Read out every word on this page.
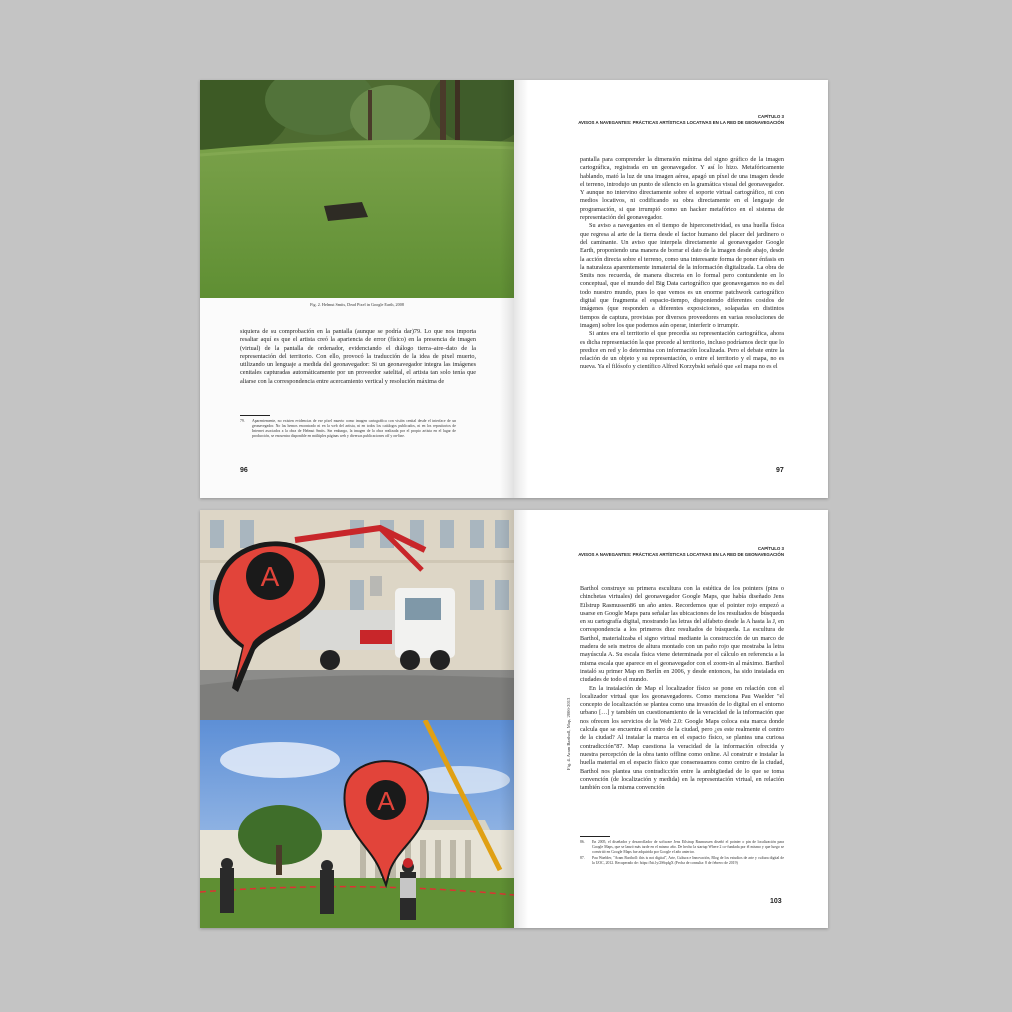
Fig. 2. Helmut Smits, Dead Pixel in Google Earth, 2008

siquiera de su comprobación en la pantalla (aunque se podría dar)79. Lo que nos importa resaltar aquí es que el artista creó la apariencia de error (físico) en la presencia de imagen (virtual) de la pantalla de ordenador, evidenciando el diálogo tierra–aire–dato de la representación del territorio. Con ello, provocó la traducción de la idea de pixel muerto, utilizando un lenguaje a medida del geonavegador: Si un geonavegador integra las imágenes cenitales capturadas automáticamente por un proveedor satelital, el artista tan solo tenía que aliarse con la correspondencia entre acercamiento vertical y resolución máxima de

79.	Aparentemente, no existen evidencias de ese píxel muerto como imagen cartográfica con visión cenital desde el interface de un geonavegador. No las hemos encontrado ni en la web del artista, ni en todos los catálogos publicados, ni en los repositorios de Internet asociados a la obra de Helmut Smits. Sin embargo, la imagen de la obra realizada por el propio artista en el lugar de producción, se encuentra disponible en múltiples páginas web y diversas publicaciones off y on-line.
96
CAPÍTULO 3
AVISOS A NAVEGANTES: PRÁCTICAS ARTÍSTICAS LOCATIVAS EN LA RED DE GEONAVEGACIÓN

pantalla para comprender la dimensión mínima del signo gráfico de la imagen cartográfica, registrada en un geonavegador. Y así lo hizo. Metafóricamente hablando, mató la luz de una imagen aérea, apagó un píxel de una imagen desde el terreno, introdujo un punto de silencio en la gramática visual del geonavegador. Y aunque no intervino directamente sobre el soporte virtual cartográfico, ni con medios locativos, ni codificando su obra directamente en el lenguaje de programación, si que irrumpió como un hacker metafórico en el sistema de representación del geonavegador.

Su aviso a navegantes en el tiempo de hiperconetividad, es una huella física que regresa al arte de la tierra desde el factor humano del placer del jardinero o del caminante. Un aviso que interpela directamente al geonavegador Google Earth, proponiendo una manera de borrar el dato de la imagen desde abajo, desde la acción directa sobre el terreno, como una interesante forma de poner énfasis en la naturaleza aparentemente inmaterial de la información digitalizada. La obra de Smits nos recuerda, de manera discreta en lo formal pero contundente en lo conceptual, que el mundo del Big Data cartográfico que geonavegamos no es del todo nuestro mundo, pues lo que vemos es un enorme patchwork cartográfico digital que fragmenta el espacio-tiempo, disponiendo diferentes cosidos de imágenes (que responden a diferentes exposiciones, solapadas en distintos tiempos de captura, provistas por diversos proveedores en varias resoluciones de imagen) sobre los que podemos aún operar, interferir o irrumpir.

Si antes era el territorio el que precedía su representación cartográfica, ahora es dicha representación la que precede al territorio, incluso podríamos decir que lo predice en red y lo determina con información localizada. Pero el debate entre la relación de un objeto y su representación, o entre el territorio y el mapa, no es nueva. Ya el filósofo y científico Alfred Korzybski señaló que «el mapa no es el

97
A
A
Fig. 4. Aram Bartholl, Map, 2006-2013
CAPÍTULO 3
AVISOS A NAVEGANTES: PRÁCTICAS ARTÍSTICAS LOCATIVAS EN LA RED DE GEONAVEGACIÓN

Barthol construye su primera escultura con la estética de los pointers (pins o chinchetas virtuales) del geonavegador Google Maps, que había diseñado Jens Eilstrup Rasmussen86 un año antes. Recordemos que el pointer rojo empezó a usarse en Google Maps para señalar las ubicaciones de los resultados de búsqueda en su cartografía digital, mostrando las letras del alfabeto desde la A hasta la J, en correspondencia a los primeros diez resultados de búsqueda. La escultura de Barthol, materializaba el signo virtual mediante la construcción de un marco de madera de seis metros de altura montado con un paño rojo que mostraba la letra mayúscula A. Su escala física viene determinada por el cálculo en referencia a la misma escala que aparece en el geonavegador con el zoom-in al máximo. Barthol instaló su primer Map en Berlín en 2006, y desde entonces, ha sido instalada en ciudades de todo el mundo.

En la instalación de Map el localizador físico se pone en relación con el localizador virtual que los geonavegadores. Como menciona Pau Waelder "el concepto de localización se plantea como una invasión de lo digital en el entorno urbano […] y también un cuestionamiento de la veracidad de la información que nos ofrecen los servicios de la Web 2.0: Google Maps coloca esta marca donde calcula que se encuentra el centro de la ciudad, pero ¿es este realmente el centro de la ciudad? Al instalar la marca en el espacio físico, se plantea una curiosa contradicción"87. Map cuestiona la veracidad de la información ofrecida y nuestra percepción de la obra tanto offline como online. Al construir e instalar la huella material en el espacio físico que consensuamos como centro de la ciudad, Barthol nos plantea una contradicción entre la ambigüedad de lo que se toma convención (de localización y medida) en la representación virtual, en relación también con la misma convención

86.	En 2005, el diseñador y desarrollador de software Jens Eilstrup Rasmussen diseñó el pointer o pin de localización para Google Maps, que se lanzó más tarde en el mismo año. De hecho la startup Where 2 co-fundada por él mismo y que luego se convirtió en Google Maps fue adquirida por Google el año anterior.
87.	Pau Waelder, "Aram Bartholl: this is not digital", Arte, Cultura e Innovación, Blog de los estudios de arte y cultura digital de la UOC, 2012. Recuperado de: https://bit.ly/2S6qdgX (Fecha de consulta: 8 de febrero de 2019)
103
